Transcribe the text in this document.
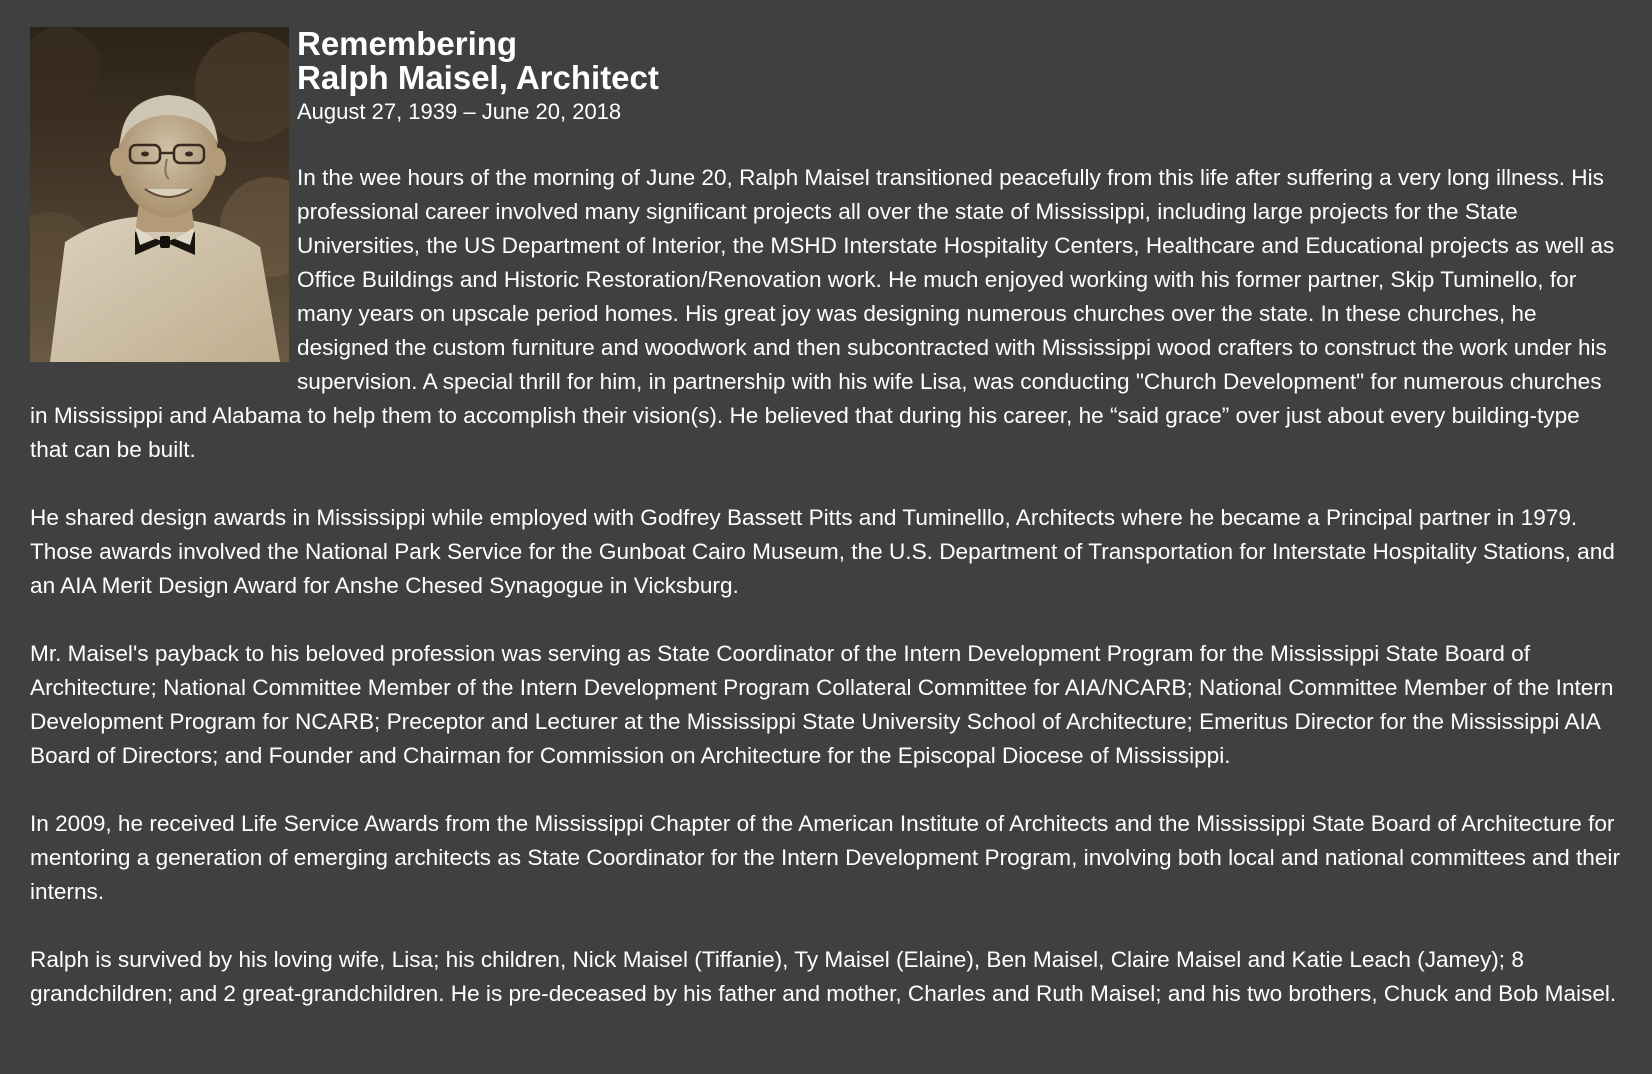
Remembering
Ralph Maisel, Architect
August 27, 1939 – June 20, 2018

In the wee hours of the morning of June 20, Ralph Maisel transitioned peacefully from this life after suffering a very long illness. His professional career involved many significant projects all over the state of Mississippi, including large projects for the State Universities, the US Department of Interior, the MSHD Interstate Hospitality Centers, Healthcare and Educational projects as well as Office Buildings and Historic Restoration/Renovation work. He much enjoyed working with his former partner, Skip Tuminello, for many years on upscale period homes. His great joy was designing numerous churches over the state. In these churches, he designed the custom furniture and woodwork and then subcontracted with Mississippi wood crafters to construct the work under his supervision. A special thrill for him, in partnership with his wife Lisa, was conducting "Church Development" for numerous churches in Mississippi and Alabama to help them to accomplish their vision(s). He believed that during his career, he “said grace” over just about every building-type that can be built.

He shared design awards in Mississippi while employed with Godfrey Bassett Pitts and Tuminelllo, Architects where he became a Principal partner in 1979. Those awards involved the National Park Service for the Gunboat Cairo Museum, the U.S. Department of Transportation for Interstate Hospitality Stations, and an AIA Merit Design Award for Anshe Chesed Synagogue in Vicksburg.

Mr. Maisel's payback to his beloved profession was serving as State Coordinator of the Intern Development Program for the Mississippi State Board of Architecture; National Committee Member of the Intern Development Program Collateral Committee for AIA/NCARB; National Committee Member of the Intern Development Program for NCARB; Preceptor and Lecturer at the Mississippi State University School of Architecture; Emeritus Director for the Mississippi AIA Board of Directors; and Founder and Chairman for Commission on Architecture for the Episcopal Diocese of Mississippi.

In 2009, he received Life Service Awards from the Mississippi Chapter of the American Institute of Architects and the Mississippi State Board of Architecture for mentoring a generation of emerging architects as State Coordinator for the Intern Development Program, involving both local and national committees and their interns.

Ralph is survived by his loving wife, Lisa; his children, Nick Maisel (Tiffanie), Ty Maisel (Elaine), Ben Maisel, Claire Maisel and Katie Leach (Jamey); 8 grandchildren; and 2 great-grandchildren. He is pre-deceased by his father and mother, Charles and Ruth Maisel; and his two brothers, Chuck and Bob Maisel.
